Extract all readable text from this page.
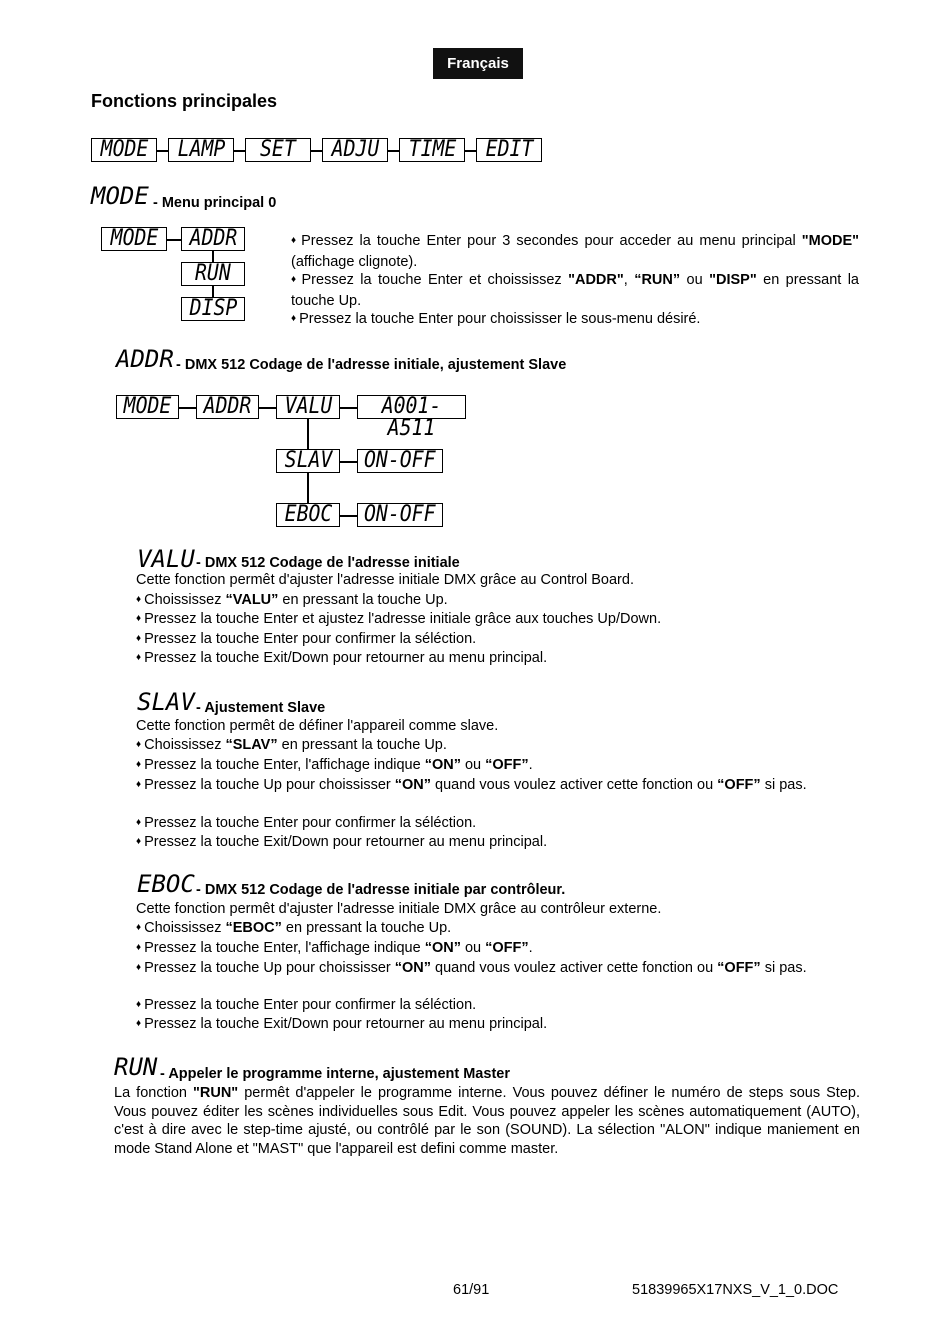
Français
Fonctions principales
MODE	LAMP	SET	ADJU	TIME	EDIT
MODE - Menu principal 0
MODE	ADDR
RUN
DISP
♦ Pressez la touche Enter pour 3 secondes pour acceder au menu principal "MODE" (affichage clignote).
♦ Pressez la touche Enter et choississez "ADDR", “RUN” ou "DISP" en pressant la touche Up.
♦ Pressez la touche Enter pour choississer le sous-menu désiré.
ADDR - DMX 512 Codage de l'adresse initiale, ajustement Slave
MODE	ADDR	VALU	A001-A511
SLAV	ON-OFF
EBOC	ON-OFF
VALU - DMX 512 Codage de l'adresse initiale
Cette fonction permêt d'ajuster l'adresse initiale DMX grâce au Control Board.
♦ Choississez “VALU” en pressant la touche Up.
♦ Pressez la touche Enter et ajustez l'adresse initiale grâce aux touches Up/Down.
♦ Pressez la touche Enter pour confirmer la séléction.
♦ Pressez la touche Exit/Down pour retourner au menu principal.
SLAV - Ajustement Slave
Cette fonction permêt de définer l'appareil comme slave.
♦ Choississez “SLAV” en pressant la touche Up.
♦ Pressez la touche Enter, l'affichage indique “ON” ou “OFF”.
♦ Pressez la touche Up pour choississer “ON” quand vous voulez activer cette fonction ou “OFF” si pas.
♦ Pressez la touche Enter pour confirmer la séléction.
♦ Pressez la touche Exit/Down pour retourner au menu principal.
EBOC - DMX 512 Codage de l'adresse initiale par contrôleur.
Cette fonction permêt d'ajuster l'adresse initiale DMX grâce au contrôleur externe.
♦ Choississez “EBOC” en pressant la touche Up.
♦ Pressez la touche Enter, l'affichage indique “ON” ou “OFF”.
♦ Pressez la touche Up pour choississer “ON” quand vous voulez activer cette fonction ou “OFF” si pas.
♦ Pressez la touche Enter pour confirmer la séléction.
♦ Pressez la touche Exit/Down pour retourner au menu principal.
RUN - Appeler le programme interne, ajustement Master
La fonction "RUN" permêt d'appeler le programme interne. Vous pouvez définer le numéro de steps sous Step. Vous pouvez éditer les scènes individuelles sous Edit. Vous pouvez appeler les scènes automatiquement (AUTO), c'est à dire avec le step-time ajusté, ou contrôlé par le son (SOUND). La sélection "ALON" indique maniement en mode Stand Alone et "MAST" que l'appareil est defini comme master.
61/91	51839965X17NXS_V_1_0.DOC
